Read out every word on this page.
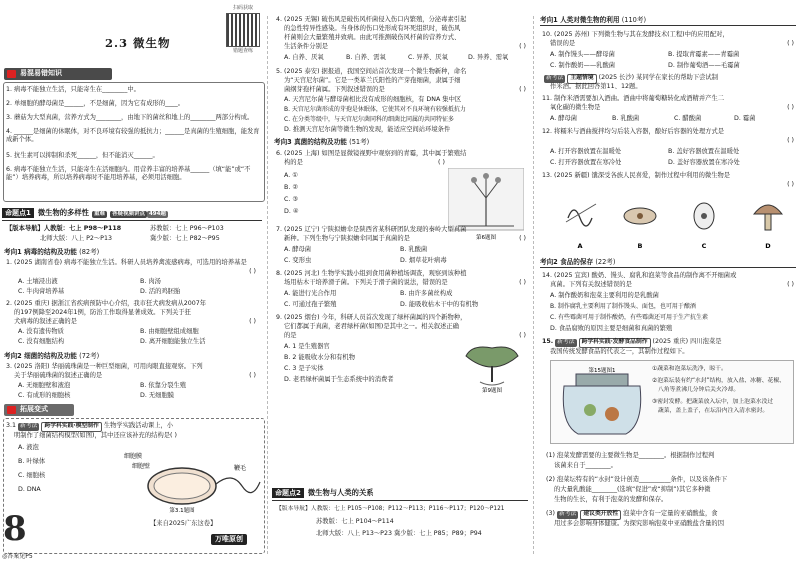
2.3 微生物
扫码获取
错题查练
易混易错知识
1. 病毒不能独立生活，只能寄生在________中。
2. 单细胞的酵母菌是______，不是细菌，因为它有成形的____。
3. 蘑菇为大型真菌，营养方式为________，由地下的菌丝和地上的________两部分构成。
4. ______是细菌的休眠体，对不良环境有较强的抵抗力；______是真菌的生殖细胞，能发育成新个体。
5. 抗生素可以抑制和杀死______，但不能消灭______。
6. 病毒不能独立生活，只能寄生在活细胞内。用营养丰富的培养基______（填“能”或“不能”）培养病毒，所以培养病毒时不能用培养基，必须用活细胞。
命题点1 微生物的多样性 重难 答疑视频讲点 494题
【版本导航】人教版：七上 P98～P118	苏教版：七上 P96～P103
北师大版：八上 P2～P13	冀少版：七上 P82～P95
考向1 病毒的结构及功能 (82考)
1. (2025 湖南省卷) 病毒不能独立生活。科研人员培养禽流感病毒，可选用的培养基是
( )
A. 土壤浸出液	B. 肉汤
C. 牛肉膏培养基	D. 活的鸡胚胎
2. (2025 重庆) 据浙江省疾病预防中心介绍，我市狂犬病发病从2007年
的197例降至2024年1例，防治工作取得显著成效。下列关于狂
犬病毒的叙述正确的是	( )
A. 没有遗传物质	B. 由细胞壁组成细胞
C. 没有细胞结构	D. 离开细胞能独立生活
考向2 细菌的结构及功能 (72考)
3. (2025 洛阳) 华丽硫珠菌是一种巨型细菌，可用肉眼直接观察。下列
关于华丽硫珠菌的叙述正确的是	( )
A. 无细胞壁和液泡	B. 依靠分裂生殖
C. 有成形的细胞核	D. 无细胞膜
拓展变式
3.1 新考法 跨学科实践·模型制作 生物学实践活动课上，小
明制作了细菌结构模型(如图)，其中还应该补充的结构是( )
A. 液泡
B. 叶绿体
C. 细胞核
D. DNA
细胞膜
细胞壁	鞭毛
第3.1题图
【来自2025广东这卷】
8	万唯原创
◎答案见P5
4. (2025 无锡) 破伤风是破伤风杆菌侵入伤口内繁殖，分泌毒素引起
的急性特异性感染。当身体的伤口处形成有坏死组织时，破伤风
杆菌则会大量繁殖并致病。由此可推测破伤风杆菌的营养方式、
生活条件分别是	( )
A. 自养、厌氧	B. 自养、需氧	C. 异养、厌氧	D. 异养、需氧
5. (2025 泰安) 据报道，我国空间站首次发现一个微生物新种，命名
为“天宫尼尔菌”。它是一类革兰氏阳性的产芽孢细菌，隶属于细
菌纲芽孢杆菌属。下列叙述错误的是	( )
A. 天宫尼尔菌与酵母菌相比没有成形的细胞核，有 DNA 集中区
B. 天宫尼尔菌形成的芽孢是休眠体，它使其对不良环境有较强抵抗力
C. 在分类等级中，与天宫尼尔菌同科的细菌比同属的共同特征多
D. 推测天宫尼尔菌等微生物的发现，能适应空间站环境条件
考向3 真菌的结构及功能 (51考)
6. (2025 上海) 如图是显微镜视野中观察到的青霉，其中属于繁殖结
构的是	( )
A. ①
B. ②
C. ③
D. ④
第6题图
7. (2025 辽宁) 宁陕拟蟾伞是陕西省某科研团队发现的秦岭大型真菌
新种。下列生物与宁陕拟蟾伞同属于真菌的是	( )
A. 酵母菌	B. 乳酸菌
C. 变形虫	D. 烟草花叶病毒
8. (2025 河北) 生物学实践小组到食用菌种植场调查，观察到该种植
场用枯木干培养滑子菌。下列关于滑子菌的说法，错误的是	( )
A. 能进行光合作用	B. 由许多菌丝构成
C. 可通过孢子繁殖	D. 能吸收枯木干中的有机物
9. (2025 烟台) 今年，科研人员首次发现了绿杯菌属的四个新物种，
它们都属于真菌，老君绿杯菌(如图)是其中之一。相关叙述正确
的是	( )
A. 1 是生殖器官
B. 2 能吸收水分和有机物
C. 3 是子实体
D. 老君绿杯菌属于生态系统中的消费者
第9题图
命题点2 微生物与人类的关系
【版本导航】人教版：七上 P105～P108；P112～P113；P116～P117；P120～P121
苏教版：七上 P104～P114
北师大版：八上 P13～P23 冀少版：七上 P85；P89；P94
考向1 人类对微生物的利用 (110考)
10. (2025 苏州) 下列微生物与其在发酵技术(工程)中的应用配对，
错误的是	( )
A. 制作馒头——酵母菌	B. 提取青霉素——青霉菌
C. 制作酸奶——乳酸菌	D. 制作葡萄酒——毛霉菌
新考法 主题情境 (2025 长沙) 某同学在家长的帮助下尝试制
作米酒。据此回答第11、12题。
11. 制作米酒需要加入酒曲。酒曲中将葡萄糖转化成酒精并产生二
氧化碳的微生物是	( )
A. 酵母菌	B. 乳酸菌	C. 醋酸菌	D. 霉菌
12. 将糯米与酒曲搅拌均匀后装入容器，酿好后容器的处理方式是
( )
A. 打开容器放置在温暖处	B. 盖好容器放置在温暖处
C. 打开容器放置在寒冷处	D. 盖好容器放置在寒冷处
13. (2025 新疆) 馕深受各族人民喜爱，制作过程中利用的微生物是
( )
A	B	C	D
考向2 食品的保存 (22考)
14. (2025 宜宾) 酸奶、馒头、腐乳和泡菜等食品的制作离不开细菌或
真菌。下列有关叙述错误的是	( )
A. 制作酸奶和泡菜主要利用的是乳酸菌
B. 制作腐乳主要利用了制作馒头、面包，也可用于酿酒
C. 有些霉菌可用于制作酸奶，有些霉菌还可用于生产抗生素
D. 食品腐败的原因主要是细菌和真菌的繁殖
15. 新考法 跨学科实践·发酵食品制作 (2025 重庆) 四川泡菜是
我国传统发酵食品的代表之一，其制作过程如下。
第15题图1	①蔬菜和泡菜坛洗净，晾干。
②泡菜坛装有约“水封”结构，放入盐、冰糖、花椒、
八角等煮沸几分钟后关火冷却。
③密封发酵。把蔬菜放入坛中，加上泡菜水没过
蔬菜，盖上盖子，在坛沿内注入清水密封。
(1) 泡菜发酵需要的主要微生物是________。根据制作过程判
该菌来自于________。
(2) 泡菜坛特有的“水封”设计创造__________条件，以及该条件下
的大量乳酸能________(选填“促进”或“抑制”)其它多种微
生物的生长，有利于泡菜的发酵和保存。
(3) 新考法 建议类开放性 泡菜中含有一定量的亚硝酸盐，食
用过多会影响身体健康。为探究影响泡菜中亚硝酸盐含量的因
